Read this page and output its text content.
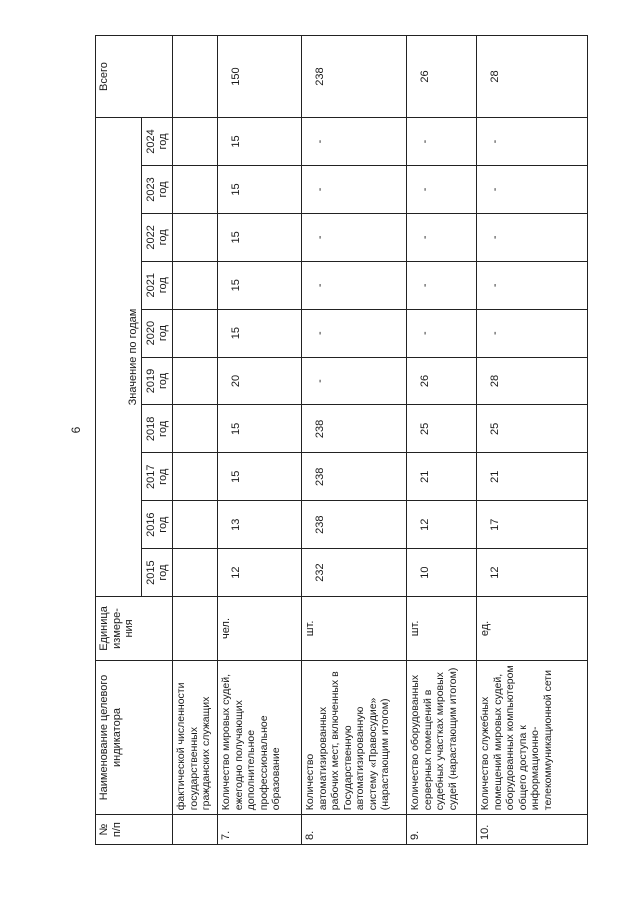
6
№ п/п	Наименование целевого индикатора	Единица измере-ния	Значение по годам										Всего
			2015 год	2016 год	2017 год	2018 год	2019 год	2020 год	2021 год	2022 год	2023 год	2024 год	
	фактической численности государственных гражданских служащих												
7.	Количество мировых судей, ежегодно получающих дополнительное профессиональное образование	чел.	12	13	15	15	20	15	15	15	15	15	150
8.	Количество автоматизированных рабочих мест, включенных в Государственную автоматизированную систему «Правосудие» (нарастающим итогом)	шт.	232	238	238	238	-	-	-	-	-	-	238
9.	Количество оборудованных серверных помещений в судебных участках мировых судей (нарастающим итогом)	шт.	10	12	21	25	26	-	-	-	-	-	26
10.	Количество служебных помещений мировых судей, оборудованных компьютером общего доступа к информационно-телекоммуникационной сети	ед.	12	17	21	25	28	-	-	-	-	-	28
